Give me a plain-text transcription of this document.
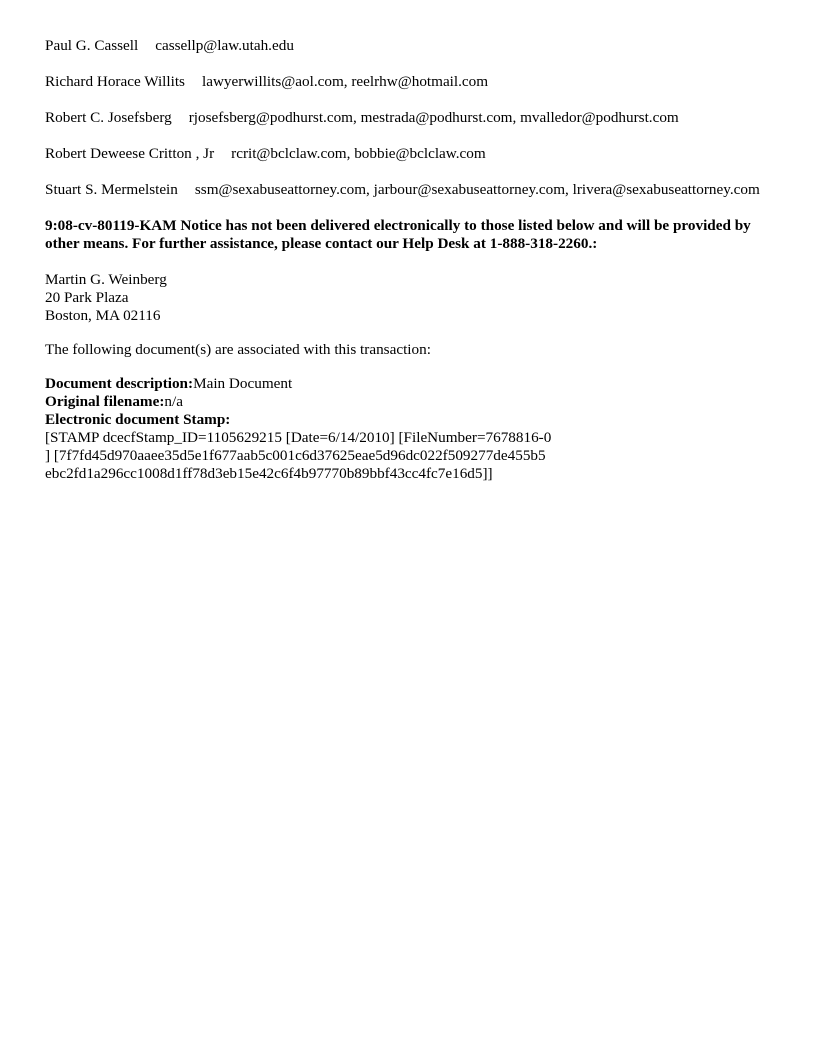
Paul G. Cassell cassellp@law.utah.edu
Richard Horace Willits lawyerwillits@aol.com, reelrhw@hotmail.com
Robert C. Josefsberg rjosefsberg@podhurst.com, mestrada@podhurst.com, mvalledor@podhurst.com
Robert Deweese Critton , Jr rcrit@bclclaw.com, bobbie@bclclaw.com
Stuart S. Mermelstein ssm@sexabuseattorney.com, jarbour@sexabuseattorney.com, lrivera@sexabuseattorney.com
9:08-cv-80119-KAM Notice has not been delivered electronically to those listed below and will be provided by other means. For further assistance, please contact our Help Desk at 1-888-318-2260.:
Martin G. Weinberg
20 Park Plaza
Boston, MA 02116
The following document(s) are associated with this transaction:
Document description:Main Document
Original filename:n/a
Electronic document Stamp:
[STAMP dcecfStamp_ID=1105629215 [Date=6/14/2010] [FileNumber=7678816-0
] [7f7fd45d970aaee35d5e1f677aab5c001c6d37625eae5d96dc022f509277de455b5
ebc2fd1a296cc1008d1ff78d3eb15e42c6f4b97770b89bbf43cc4fc7e16d5]]
